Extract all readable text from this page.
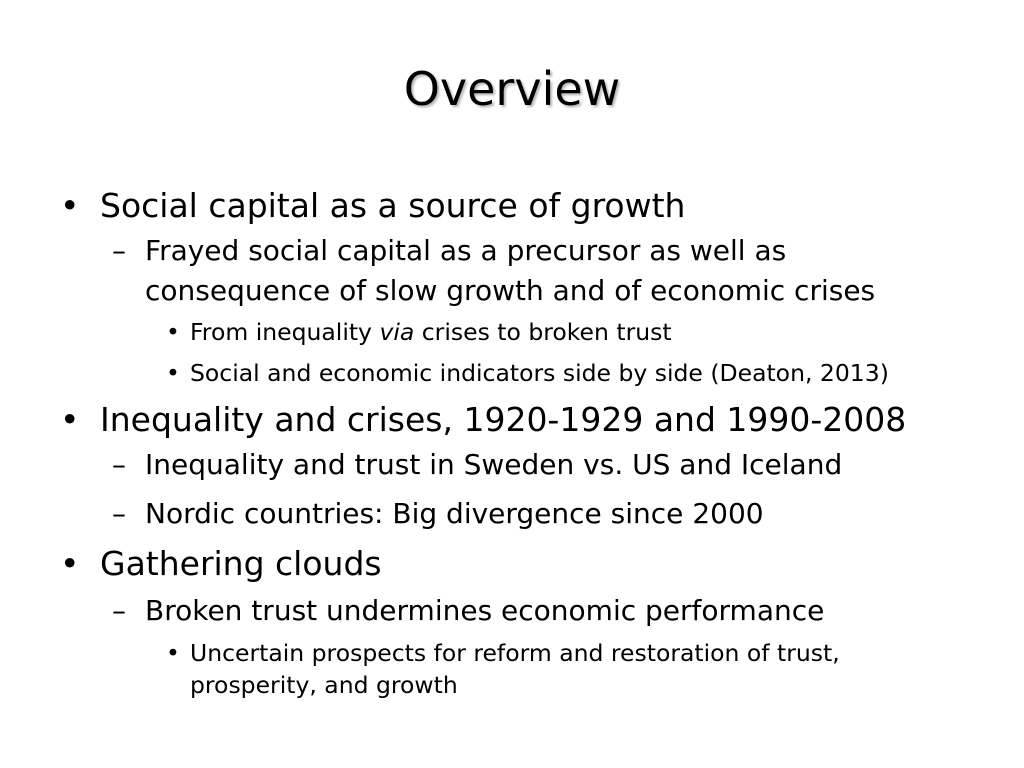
Overview
• Social capital as a source of growth
– Frayed social capital as a precursor as well as
consequence of slow growth and of economic crises
• From inequality via crises to broken trust
• Social and economic indicators side by side (Deaton, 2013)
• Inequality and crises, 1920-1929 and 1990-2008
– Inequality and trust in Sweden vs. US and Iceland
– Nordic countries: Big divergence since 2000
• Gathering clouds
– Broken trust undermines economic performance
• Uncertain prospects for reform and restoration of trust,
prosperity, and growth
